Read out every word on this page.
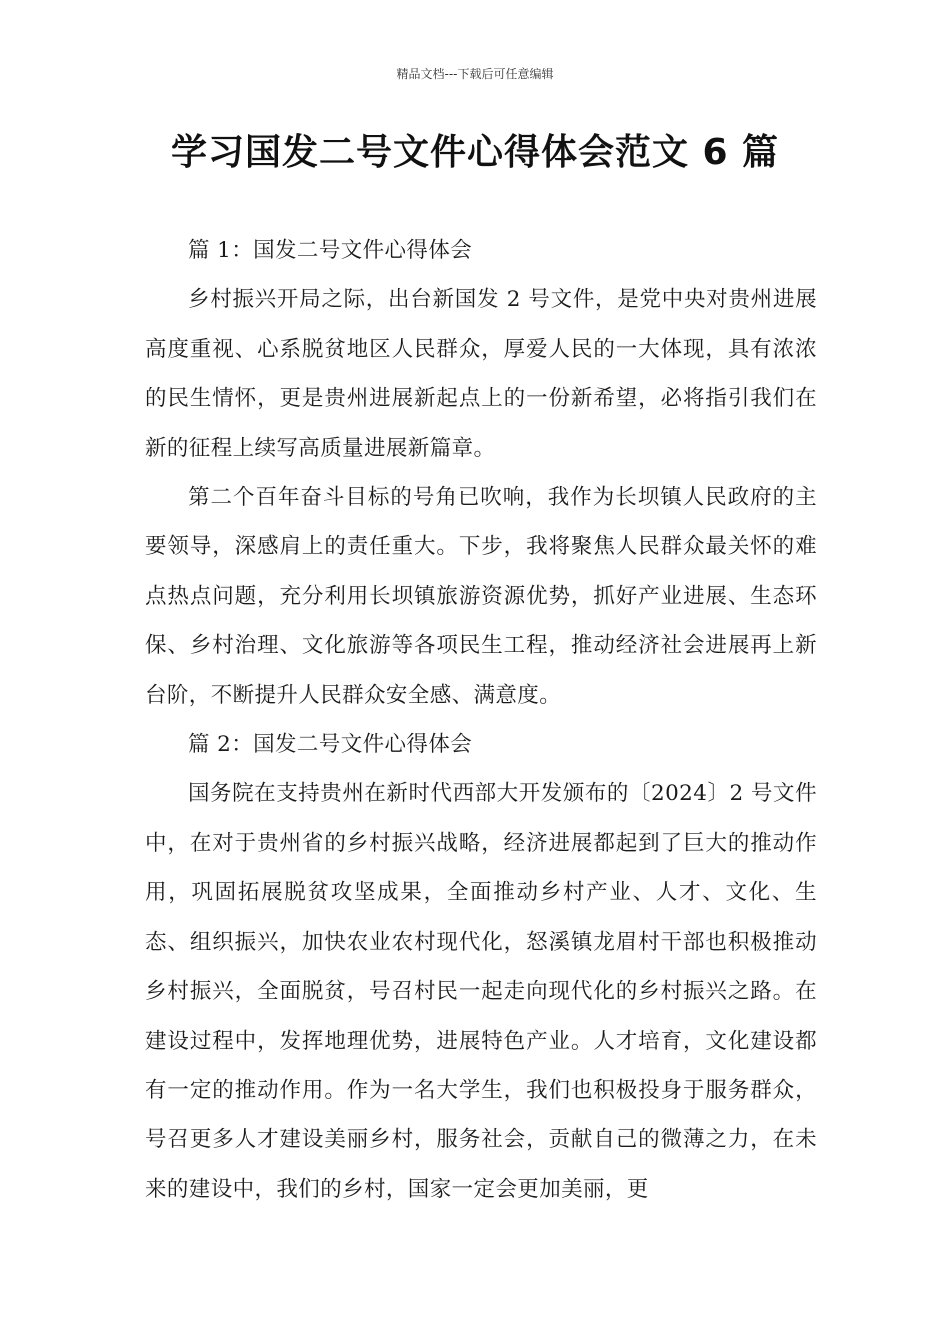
精品文档---下载后可任意编辑
学习国发二号文件心得体会范文 6 篇

篇 1：国发二号文件心得体会

乡村振兴开局之际，出台新国发 2 号文件，是党中央对贵州进展高度重视、心系脱贫地区人民群众，厚爱人民的一大体现，具有浓浓的民生情怀，更是贵州进展新起点上的一份新希望，必将指引我们在新的征程上续写高质量进展新篇章。

第二个百年奋斗目标的号角已吹响，我作为长坝镇人民政府的主要领导，深感肩上的责任重大。下步，我将聚焦人民群众最关怀的难点热点问题，充分利用长坝镇旅游资源优势，抓好产业进展、生态环保、乡村治理、文化旅游等各项民生工程，推动经济社会进展再上新台阶，不断提升人民群众安全感、满意度。

篇 2：国发二号文件心得体会

国务院在支持贵州在新时代西部大开发颁布的〔2024〕2 号文件中，在对于贵州省的乡村振兴战略，经济进展都起到了巨大的推动作用，巩固拓展脱贫攻坚成果，全面推动乡村产业、人才、文化、生态、组织振兴，加快农业农村现代化，怒溪镇龙眉村干部也积极推动乡村振兴，全面脱贫，号召村民一起走向现代化的乡村振兴之路。在建设过程中，发挥地理优势，进展特色产业。人才培育，文化建设都有一定的推动作用。作为一名大学生，我们也积极投身于服务群众，号召更多人才建设美丽乡村，服务社会，贡献自己的微薄之力，在未来的建设中，我们的乡村，国家一定会更加美丽，更
